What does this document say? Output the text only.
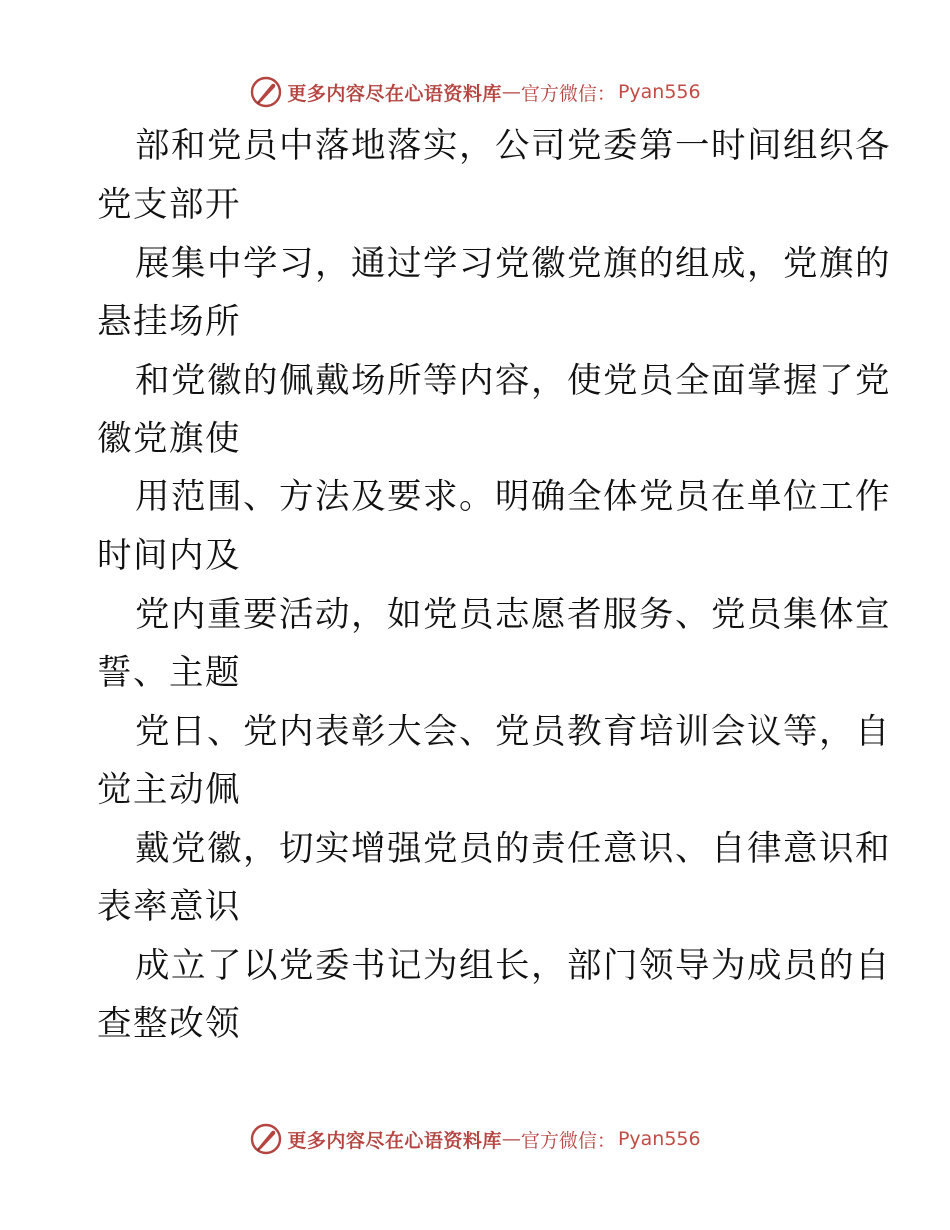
更多内容尽在心语资料库 — 官方微信： Pyan556
部和党员中落地落实，公司党委第一时间组织各
党支部开
展集中学习，通过学习党徽党旗的组成，党旗的
悬挂场所
和党徽的佩戴场所等内容，使党员全面掌握了党
徽党旗使
用范围、方法及要求。明确全体党员在单位工作
时间内及
党内重要活动，如党员志愿者服务、党员集体宣
誓、主题
党日、党内表彰大会、党员教育培训会议等，自
觉主动佩
戴党徽，切实增强党员的责任意识、自律意识和
表率意识
成立了以党委书记为组长，部门领导为成员的自
查整改领
更多内容尽在心语资料库 — 官方微信： Pyan556
